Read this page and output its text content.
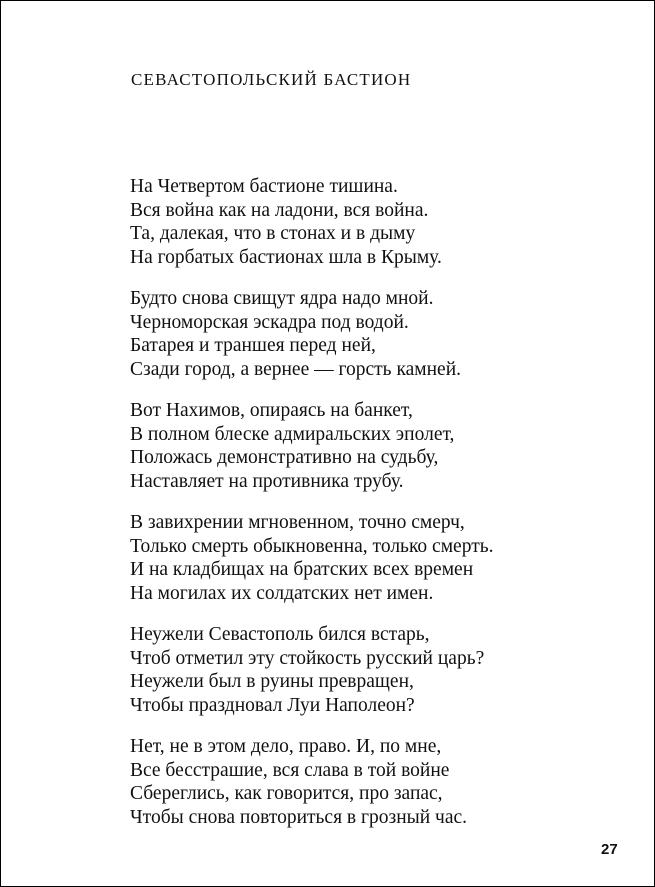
СЕВАСТОПОЛЬСКИЙ БАСТИОН
На Четвертом бастионе тишина.
Вся война как на ладони, вся война.
Та, далекая, что в стонах и в дыму
На горбатых бастионах шла в Крыму.
Будто снова свищут ядра надо мной.
Черноморская эскадра под водой.
Батарея и траншея перед ней,
Сзади город, а вернее — горсть камней.
Вот Нахимов, опираясь на банкет,
В полном блеске адмиральских эполет,
Положась демонстративно на судьбу,
Наставляет на противника трубу.
В завихрении мгновенном, точно смерч,
Только смерть обыкновенна, только смерть.
И на кладбищах на братских всех времен
На могилах их солдатских нет имен.
Неужели Севастополь бился встарь,
Чтоб отметил эту стойкость русский царь?
Неужели был в руины превращен,
Чтобы праздновал Луи Наполеон?
Нет, не в этом дело, право. И, по мне,
Все бесстрашие, вся слава в той войне
Сберeглись, как говорится, про запас,
Чтобы снова повториться в грозный час.
27
